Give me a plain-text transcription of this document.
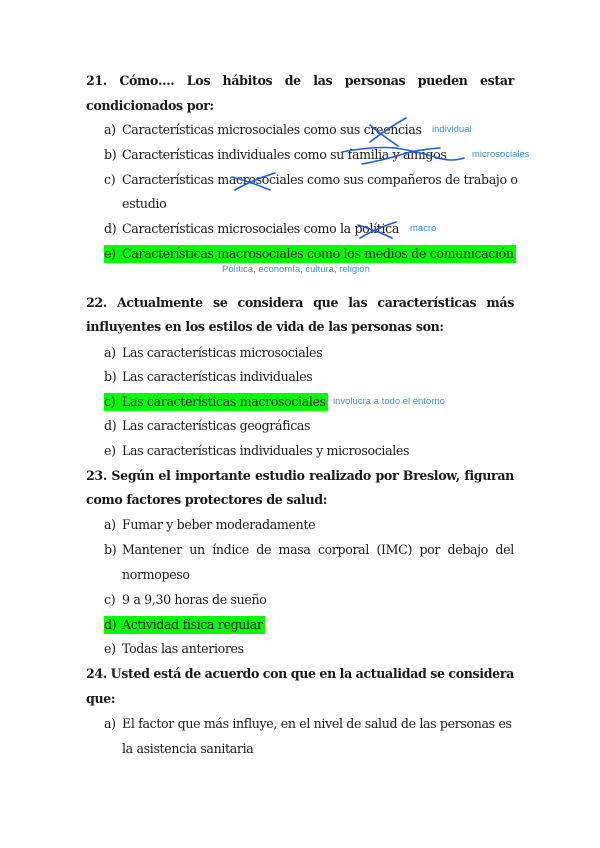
21. Cómo…. Los hábitos de las personas pueden estar
condicionados por:
a) Características microsociales como sus creencias individual
b) Características individuales como su familia y amigos	microsociales
c) Características macrosociales como sus compañeros de trabajo o
estudio
d) Características microsociales como la política macro
e) Características macrosociales como los medios de comunicación
Política, economía, cultura, religión
22. Actualmente se considera que las características más
influyentes en los estilos de vida de las personas son:
a) Las características microsociales
b) Las características individuales
c) Las características macrosociales involucra a todo el entorno
d) Las características geográficas
e) Las características individuales y microsociales
23. Según el importante estudio realizado por Breslow, figuran
como factores protectores de salud:
a) Fumar y beber moderadamente
b) Mantener un índice de masa corporal (IMC) por debajo del
normopeso
c) 9 a 9,30 horas de sueño
d) Actividad física regular
e) Todas las anteriores
24. Usted está de acuerdo con que en la actualidad se considera
que:
a) El factor que más influye, en el nivel de salud de las personas es
la asistencia sanitaria
